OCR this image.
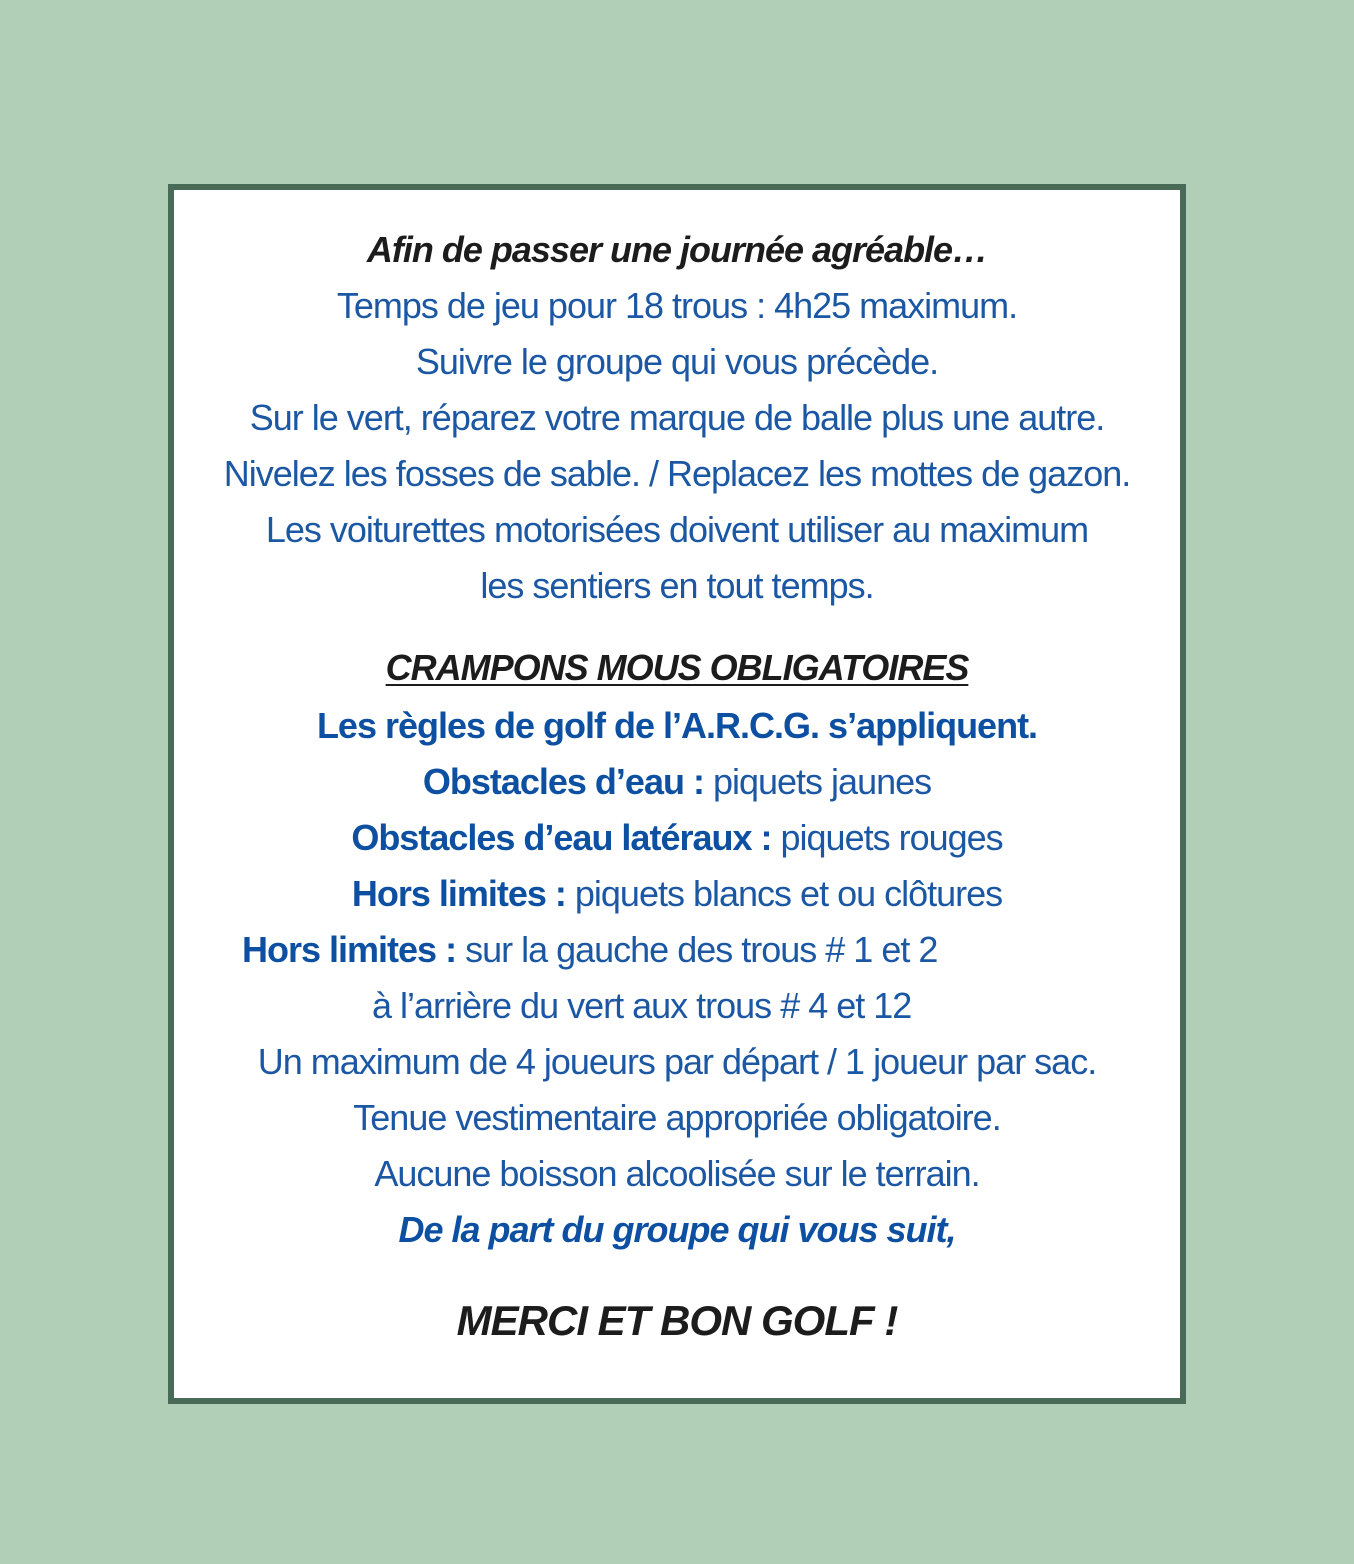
Afin de passer une journée agréable…
Temps de jeu pour 18 trous : 4h25 maximum.
Suivre le groupe qui vous précède.
Sur le vert, réparez votre marque de balle plus une autre.
Nivelez les fosses de sable. / Replacez les mottes de gazon.
Les voiturettes motorisées doivent utiliser au maximum
les sentiers en tout temps.
CRAMPONS MOUS OBLIGATOIRES
Les règles de golf de l’A.R.C.G. s’appliquent.
Obstacles d’eau : piquets jaunes
Obstacles d’eau latéraux : piquets rouges
Hors limites : piquets blancs et ou clôtures
Hors limites : sur la gauche des trous # 1 et 2
à l’arrière du vert aux trous # 4 et 12
Un maximum de 4 joueurs par départ / 1 joueur par sac.
Tenue vestimentaire appropriée obligatoire.
Aucune boisson alcoolisée sur le terrain.
De la part du groupe qui vous suit,
MERCI ET BON GOLF !
